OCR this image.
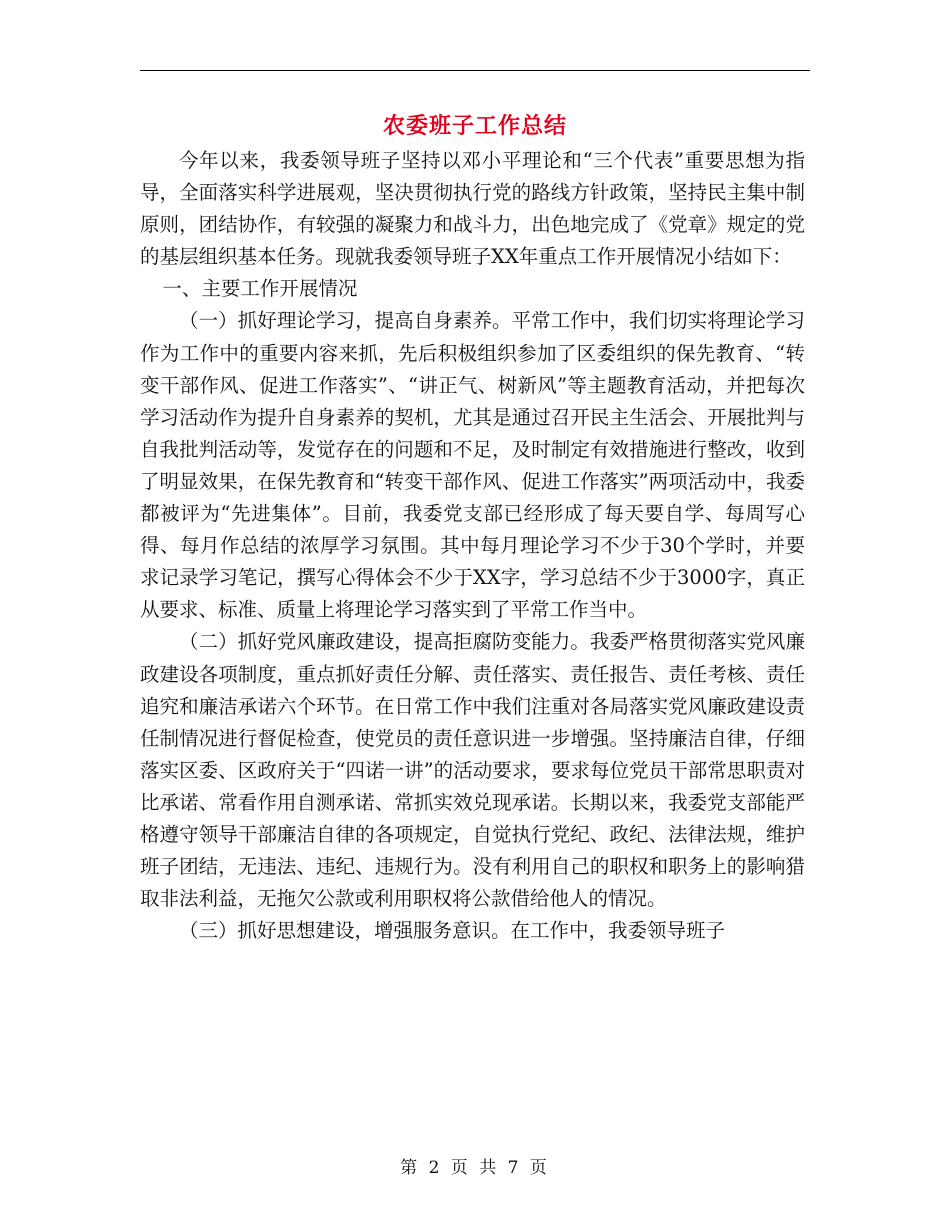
农委班子工作总结

今年以来，我委领导班子坚持以邓小平理论和“三个代表”重要思想为指导，全面落实科学进展观，坚决贯彻执行党的路线方针政策，坚持民主集中制原则，团结协作，有较强的凝聚力和战斗力，出色地完成了《党章》规定的党的基层组织基本任务。现就我委领导班子XX年重点工作开展情况小结如下：

一、主要工作开展情况

（一）抓好理论学习，提高自身素养。平常工作中，我们切实将理论学习作为工作中的重要内容来抓，先后积极组织参加了区委组织的保先教育、“转变干部作风、促进工作落实”、“讲正气、树新风”等主题教育活动，并把每次学习活动作为提升自身素养的契机，尤其是通过召开民主生活会、开展批判与自我批判活动等，发觉存在的问题和不足，及时制定有效措施进行整改，收到了明显效果，在保先教育和“转变干部作风、促进工作落实”两项活动中，我委都被评为“先进集体”。目前，我委党支部已经形成了每天要自学、每周写心得、每月作总结的浓厚学习氛围。其中每月理论学习不少于30个学时，并要求记录学习笔记，撰写心得体会不少于XX字，学习总结不少于3000字，真正从要求、标准、质量上将理论学习落实到了平常工作当中。

（二）抓好党风廉政建设，提高拒腐防变能力。我委严格贯彻落实党风廉政建设各项制度，重点抓好责任分解、责任落实、责任报告、责任考核、责任追究和廉洁承诺六个环节。在日常工作中我们注重对各局落实党风廉政建设责任制情况进行督促检查，使党员的责任意识进一步增强。坚持廉洁自律，仔细落实区委、区政府关于“四诺一讲”的活动要求，要求每位党员干部常思职责对比承诺、常看作用自测承诺、常抓实效兑现承诺。长期以来，我委党支部能严格遵守领导干部廉洁自律的各项规定，自觉执行党纪、政纪、法律法规，维护班子团结，无违法、违纪、违规行为。没有利用自己的职权和职务上的影响猎取非法利益，无拖欠公款或利用职权将公款借给他人的情况。

（三）抓好思想建设，增强服务意识。在工作中，我委领导班子

第 2 页 共 7 页
